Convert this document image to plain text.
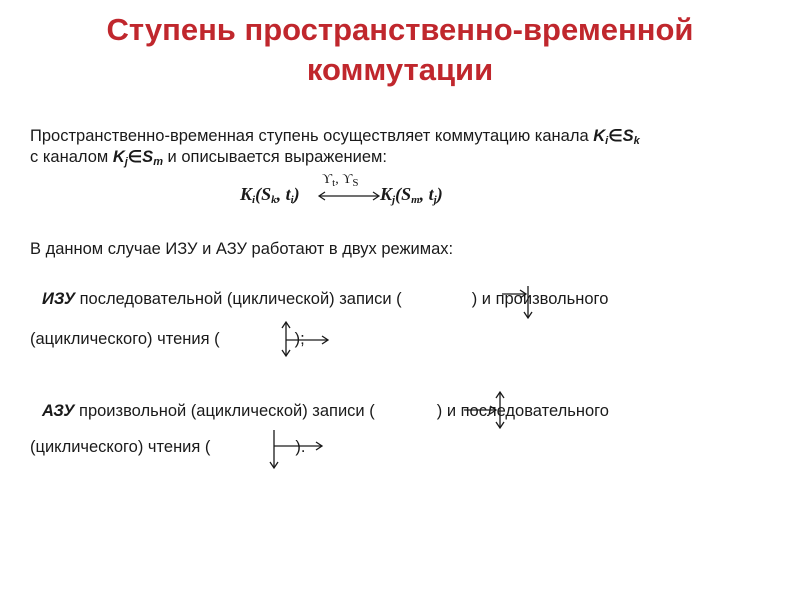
Ступень пространственно-временной
коммутации
Пространственно-временная ступень осуществляет коммутацию канала $K_i\in S_k$
с каналом $K_j\in S_m$ и описывается выражением:
$ϒ_t$, $ϒ_S$
$K_i(S_k$, $t_i$)	$K_j(S_m$, $t_j$)
В данном случае ИЗУ и АЗУ работают в двух режимах:
ИЗУ последовательной (циклической) записи (	) и произвольного
(ациклического) чтения (	);
АЗУ произвольной (ациклической) записи (	) и последовательного
(циклического) чтения (	).
